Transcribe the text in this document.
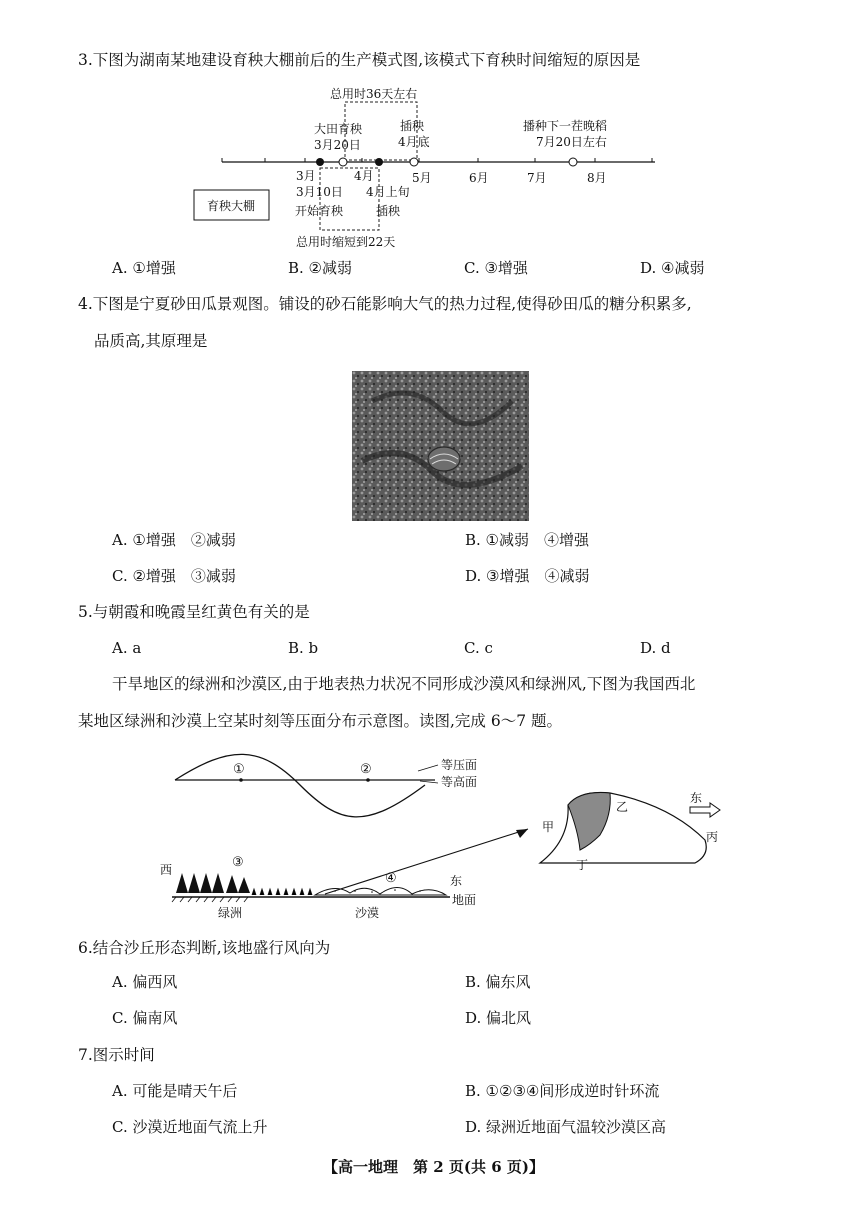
3.下图为湖南某地建设育秧大棚前后的生产模式图,该模式下育秧时间缩短的原因是
总用时36天左右
大田育秧
3月20日
插秧
4月底
播种下一茬晚稻
7月20日左右
3月	4月	5月	6月	7月	8月
3月10日 4月上旬
开始育秧	插秧
育秧大棚
总用时缩短到22天
A. ①增强	B. ②减弱	C. ③增强	D. ④减弱
4.下图是宁夏砂田瓜景观图。铺设的砂石能影响大气的热力过程,使得砂田瓜的糖分积累多,
品质高,其原理是
A. ①增强　②减弱	B. ①减弱　④增强
C. ②增强　③减弱	D. ③增强　④减弱
5.与朝霞和晚霞呈红黄色有关的是
A. a	B. b	C. c	D. d
干旱地区的绿洲和沙漠区,由于地表热力状况不同形成沙漠风和绿洲风,下图为我国西北
某地区绿洲和沙漠上空某时刻等压面分布示意图。读图,完成 6～7 题。
①	②	等压面
等高面
西	③
④	东
地面
绿洲	沙漠
甲
乙
丙
丁
东
6.结合沙丘形态判断,该地盛行风向为
A. 偏西风	B. 偏东风
C. 偏南风	D. 偏北风
7.图示时间
A. 可能是晴天午后	B. ①②③④间形成逆时针环流
C. 沙漠近地面气流上升	D. 绿洲近地面气温较沙漠区高
【高一地理　第 2 页(共 6 页)】
